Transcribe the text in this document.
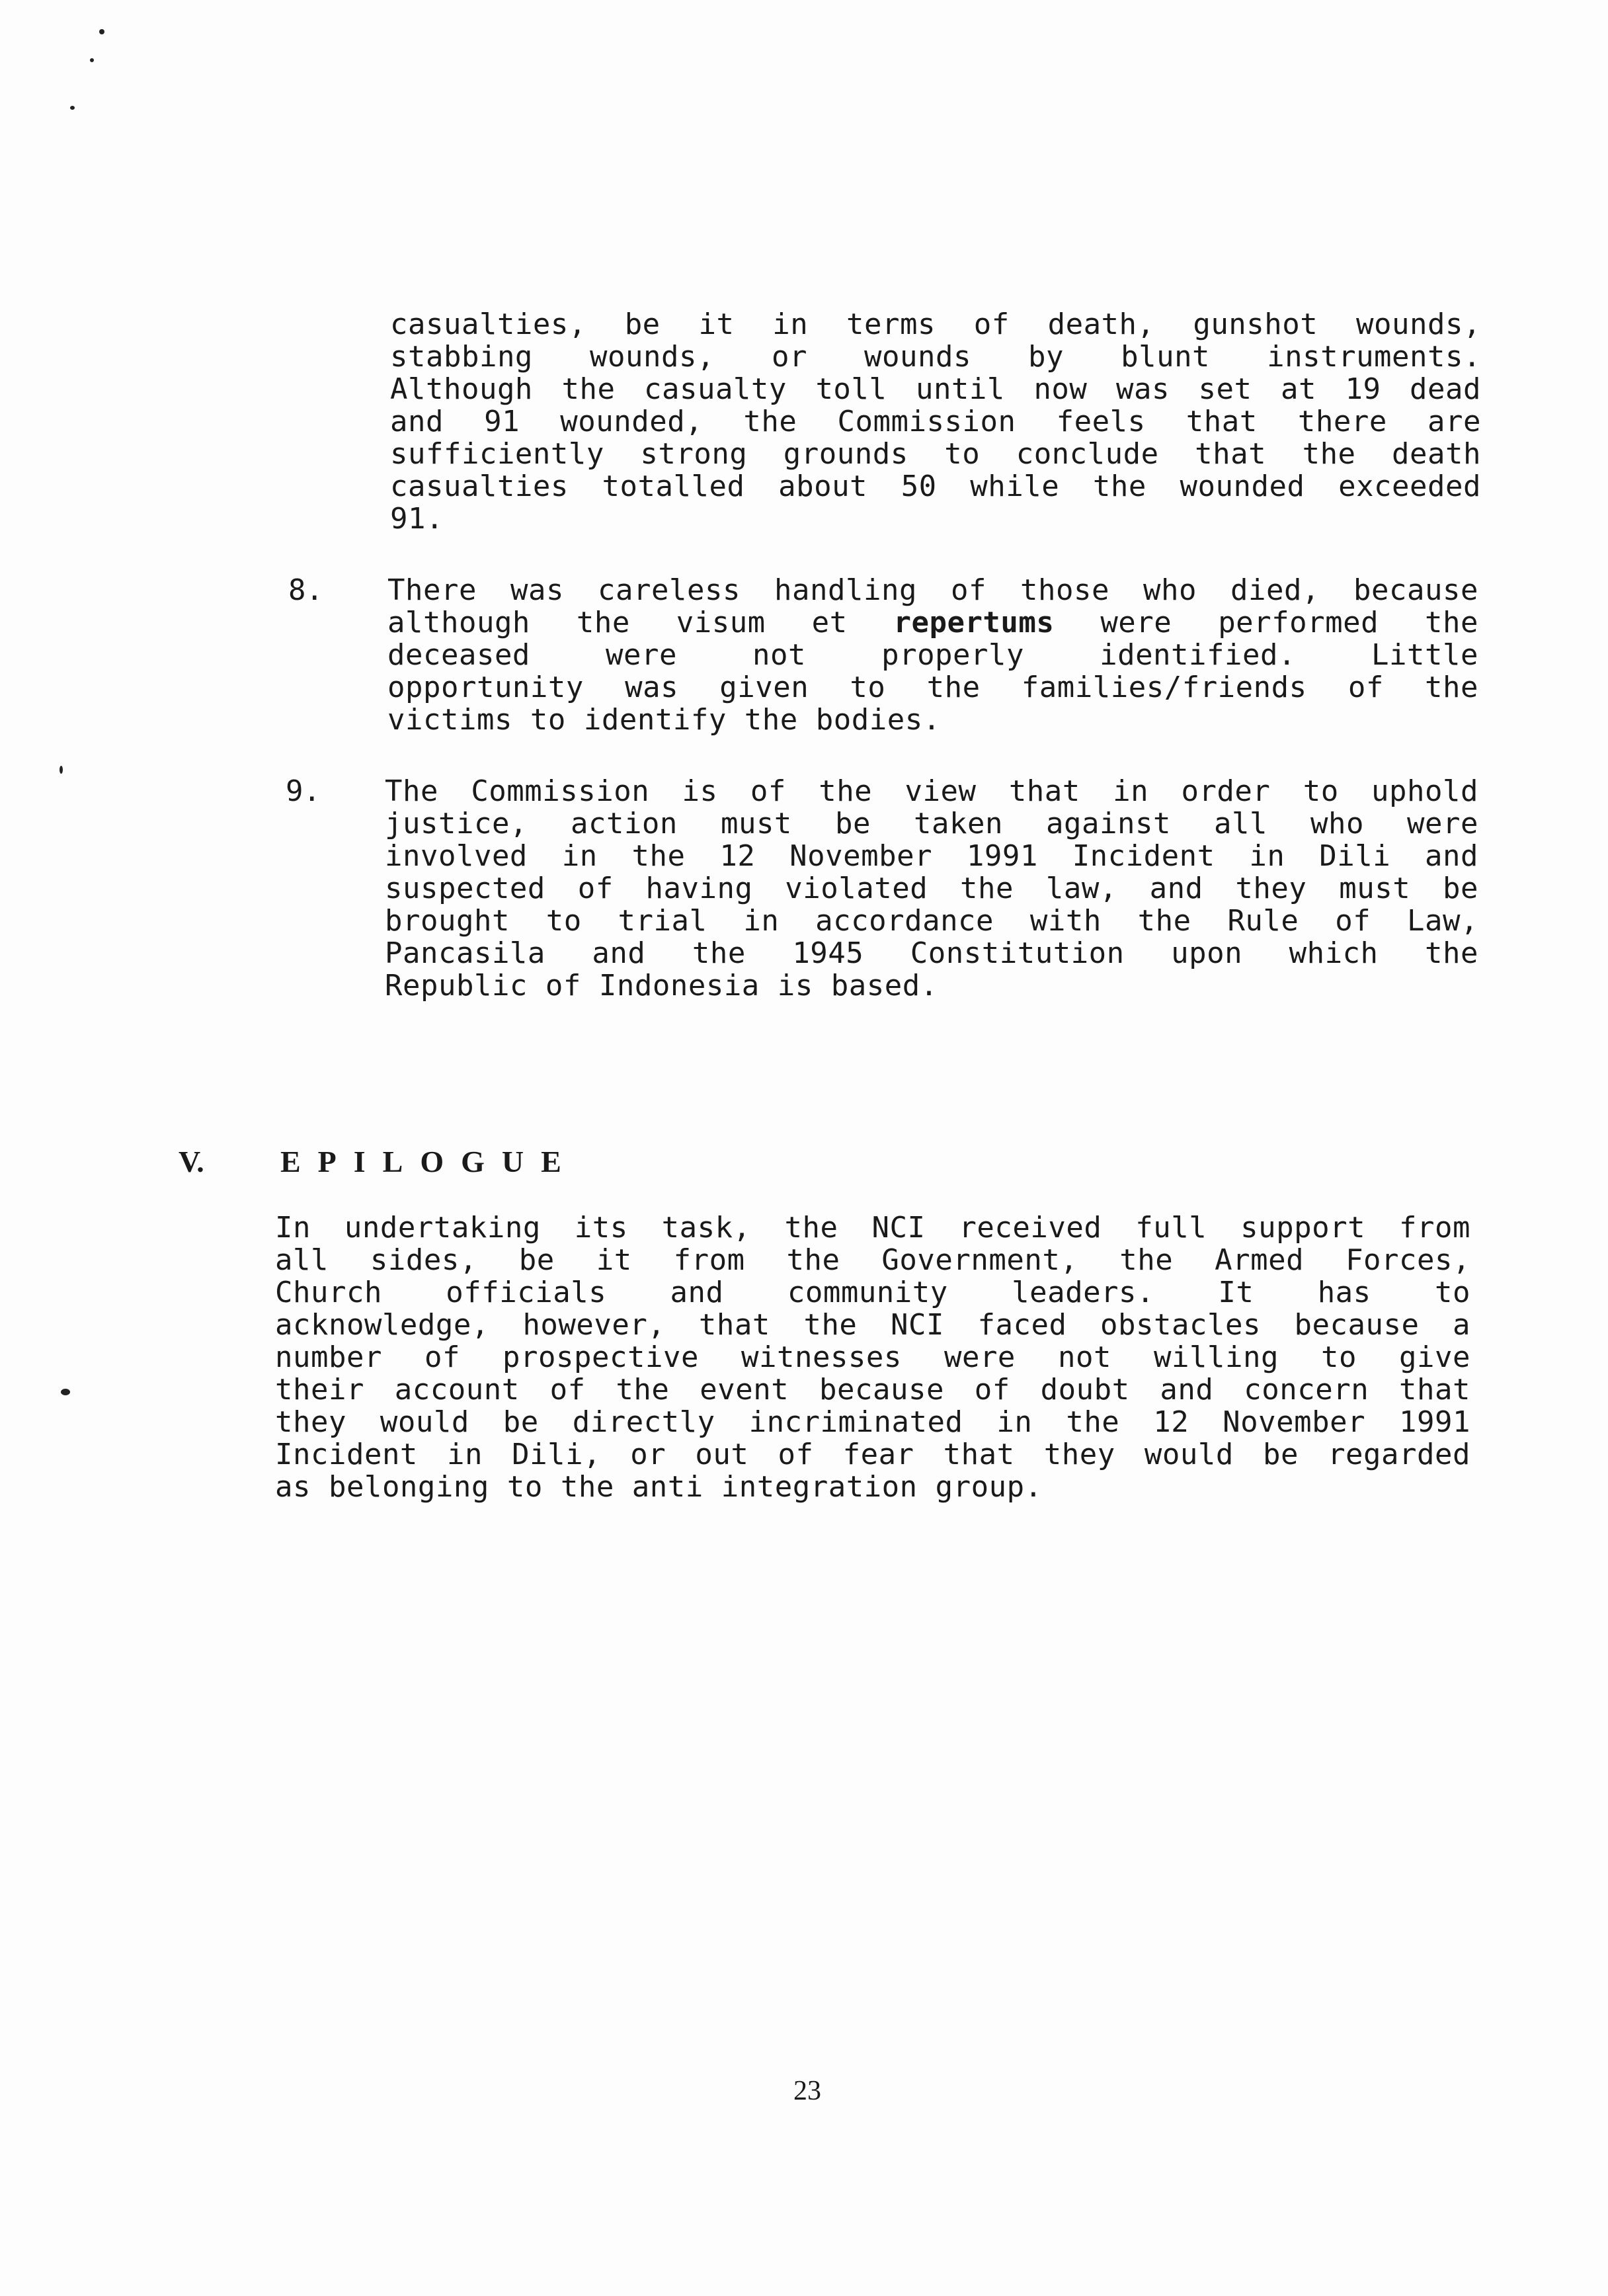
casualties, be it in terms of death, gunshot wounds,
stabbing wounds, or wounds by blunt instruments.
Although the casualty toll until now was set at 19 dead
and 91 wounded, the Commission feels that there are
sufficiently strong grounds to conclude that the death
casualties totalled about 50 while the wounded exceeded
91.
8. There was careless handling of those who died, because
although the visum et repertums were performed the
deceased were not properly identified. Little
opportunity was given to the families/friends of the
victims to identify the bodies.
9. The Commission is of the view that in order to uphold
justice, action must be taken against all who were
involved in the 12 November 1991 Incident in Dili and
suspected of having violated the law, and they must be
brought to trial in accordance with the Rule of Law,
Pancasila and the 1945 Constitution upon which the
Republic of Indonesia is based.
V.	EPILOGUE
In undertaking its task, the NCI received full support from
all sides, be it from the Government, the Armed Forces,
Church officials and community leaders. It has to
acknowledge, however, that the NCI faced obstacles because a
number of prospective witnesses were not willing to give
their account of the event because of doubt and concern that
they would be directly incriminated in the 12 November 1991
Incident in Dili, or out of fear that they would be regarded
as belonging to the anti integration group.
23
